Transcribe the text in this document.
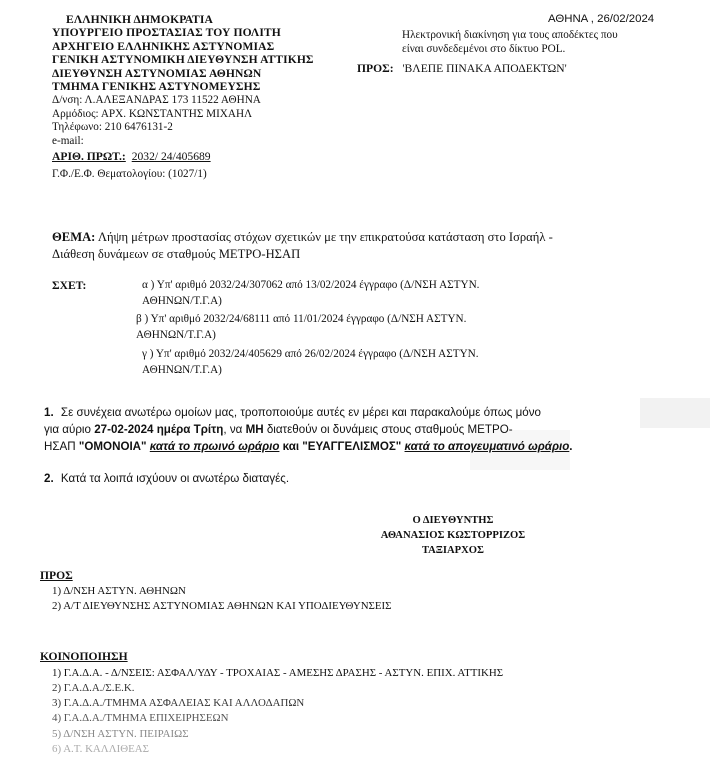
ΕΛΛΗΝΙΚΗ ΔΗΜΟΚΡΑΤΙΑ
ΥΠΟΥΡΓΕΙΟ ΠΡΟΣΤΑΣΙΑΣ ΤΟΥ ΠΟΛΙΤΗ
ΑΡΧΗΓΕΙΟ ΕΛΛΗΝΙΚΗΣ ΑΣΤΥΝΟΜΙΑΣ
ΓΕΝΙΚΗ ΑΣΤΥΝΟΜΙΚΗ ΔΙΕΥΘΥΝΣΗ ΑΤΤΙΚΗΣ
ΔΙΕΥΘΥΝΣΗ ΑΣΤΥΝΟΜΙΑΣ ΑΘΗΝΩΝ
ΤΜΗΜΑ ΓΕΝΙΚΗΣ ΑΣΤΥΝΟΜΕΥΣΗΣ
Δ/νση: Λ.ΑΛΕΞΑΝΔΡΑΣ 173 11522 ΑΘΗΝΑ
Αρμόδιος: ΑΡΧ. ΚΩΝΣΤΑΝΤΗΣ ΜΙΧΑΗΛ
Τηλέφωνο: 210 6476131-2
e-mail:
ΑΡΙΘ. ΠΡΩΤ.: 2032/ 24/405689
Γ.Φ./Ε.Φ. Θεματολογίου: (1027/1)
ΑΘΗΝΑ , 26/02/2024
Ηλεκτρονική διακίνηση για τους αποδέκτες που
είναι συνδεδεμένοι στο δίκτυο POL.
ΠΡΟΣ: 'ΒΛΕΠΕ ΠΙΝΑΚΑ ΑΠΟΔΕΚΤΩΝ'
ΘΕΜΑ: Λήψη μέτρων προστασίας στόχων σχετικών με την επικρατούσα κατάσταση στο Ισραήλ -
Διάθεση δυνάμεων σε σταθμούς ΜΕΤΡΟ-ΗΣΑΠ
ΣΧΕΤ:	α ) Υπ' αριθμό 2032/24/307062 από 13/02/2024 έγγραφο (Δ/ΝΣΗ ΑΣΤΥΝ.
ΑΘΗΝΩΝ/Τ.Γ.Α)
β ) Υπ' αριθμό 2032/24/68111 από 11/01/2024 έγγραφο (Δ/ΝΣΗ ΑΣΤΥΝ.
ΑΘΗΝΩΝ/Τ.Γ.Α)
γ ) Υπ' αριθμό 2032/24/405629 από 26/02/2024 έγγραφο (Δ/ΝΣΗ ΑΣΤΥΝ.
ΑΘΗΝΩΝ/Τ.Γ.Α)
1. Σε συνέχεια ανωτέρω ομοίων μας, τροποποιούμε αυτές εν μέρει και παρακαλούμε όπως μόνο
για αύριο 27-02-2024 ημέρα Τρίτη, να ΜΗ διατεθούν οι δυνάμεις στους σταθμούς ΜΕΤΡΟ-
ΗΣΑΠ "ΟΜΟΝΟΙΑ" κατά το πρωινό ωράριο και "ΕΥΑΓΓΕΛΙΣΜΟΣ" κατά το απογευματινό ωράριο.
2. Κατά τα λοιπά ισχύουν οι ανωτέρω διαταγές.
Ο ΔΙΕΥΘΥΝΤΗΣ
ΑΘΑΝΑΣΙΟΣ ΚΩΣΤΟΡΡΙΖΟΣ
ΤΑΞΙΑΡΧΟΣ
ΠΡΟΣ
1) Δ/ΝΣΗ ΑΣΤΥΝ. ΑΘΗΝΩΝ
2) Α/Τ ΔΙΕΥΘΥΝΣΗΣ ΑΣΤΥΝΟΜΙΑΣ ΑΘΗΝΩΝ ΚΑΙ ΥΠΟΔΙΕΥΘΥΝΣΕΙΣ
ΚΟΙΝΟΠΟΙΗΣΗ
1) Γ.Α.Δ.Α. - Δ/ΝΣΕΙΣ: ΑΣΦΑΛ/ΥΔΥ - ΤΡΟΧΑΙΑΣ - ΑΜΕΣΗΣ ΔΡΑΣΗΣ - ΑΣΤΥΝ. ΕΠΙΧ. ΑΤΤΙΚΗΣ
2) Γ.Α.Δ.Α./Σ.Ε.Κ.
3) Γ.Α.Δ.Α./ΤΜΗΜΑ ΑΣΦΑΛΕΙΑΣ ΚΑΙ ΑΛΛΟΔΑΠΩΝ
4) Γ.Α.Δ.Α./ΤΜΗΜΑ ΕΠΙΧΕΙΡΗΣΕΩΝ
5) Δ/ΝΣΗ ΑΣΤΥΝ. ΠΕΙΡΑΙΩΣ
6) Α.Τ. ΚΑΛΛΙΘΕΑΣ
